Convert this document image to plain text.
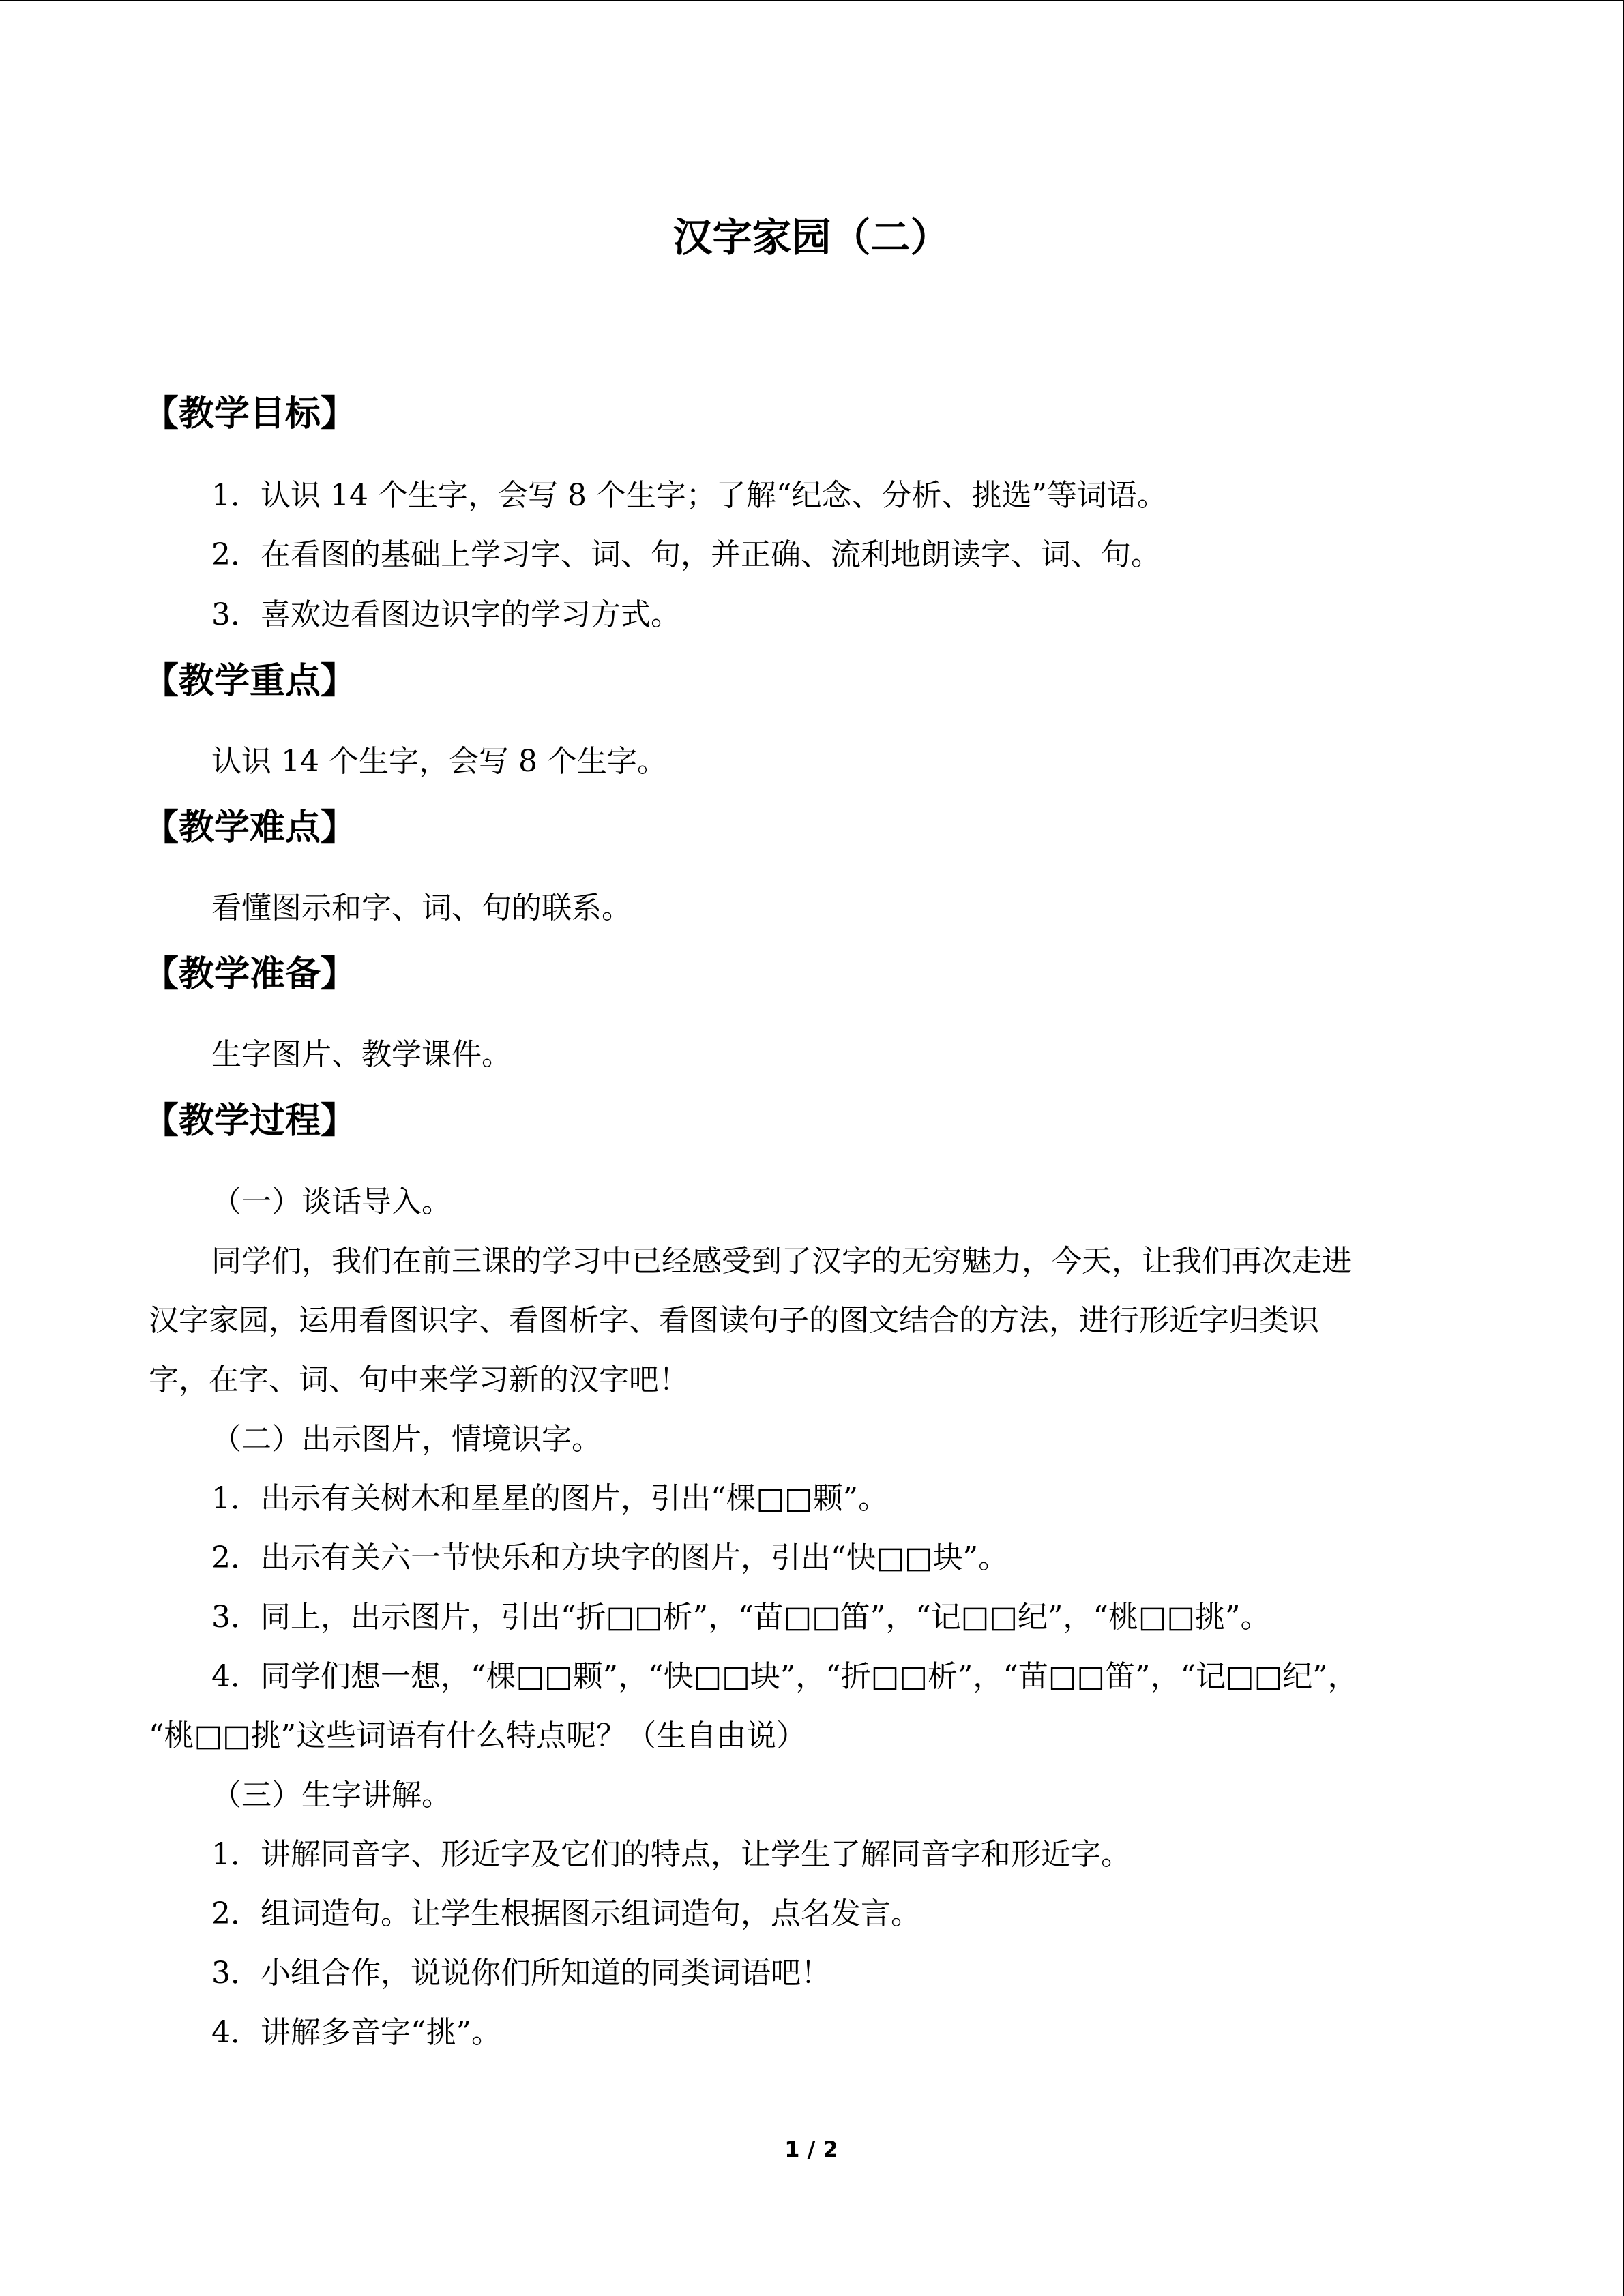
汉字家园（二）
【教学目标】
1．认识 14 个生字，会写 8 个生字；了解“纪念、分析、挑选”等词语。
2．在看图的基础上学习字、词、句，并正确、流利地朗读字、词、句。
3．喜欢边看图边识字的学习方式。
【教学重点】
认识 14 个生字，会写 8 个生字。
【教学难点】
看懂图示和字、词、句的联系。
【教学准备】
生字图片、教学课件。
【教学过程】
（一）谈话导入。
同学们，我们在前三课的学习中已经感受到了汉字的无穷魅力，今天，让我们再次走进
汉字家园，运用看图识字、看图析字、看图读句子的图文结合的方法，进行形近字归类识
字，在字、词、句中来学习新的汉字吧！
（二）出示图片，情境识字。
1．出示有关树木和星星的图片，引出“棵□□颗”。
2．出示有关六一节快乐和方块字的图片，引出“快□□块”。
3．同上，出示图片，引出“折□□析”，“苗□□笛”，“记□□纪”，“桃□□挑”。
4．同学们想一想，“棵□□颗”，“快□□块”，“折□□析”，“苗□□笛”，“记□□纪”，
“桃□□挑”这些词语有什么特点呢？（生自由说）
（三）生字讲解。
1．讲解同音字、形近字及它们的特点，让学生了解同音字和形近字。
2．组词造句。让学生根据图示组词造句，点名发言。
3．小组合作，说说你们所知道的同类词语吧！
4．讲解多音字“挑”。
1 / 2
